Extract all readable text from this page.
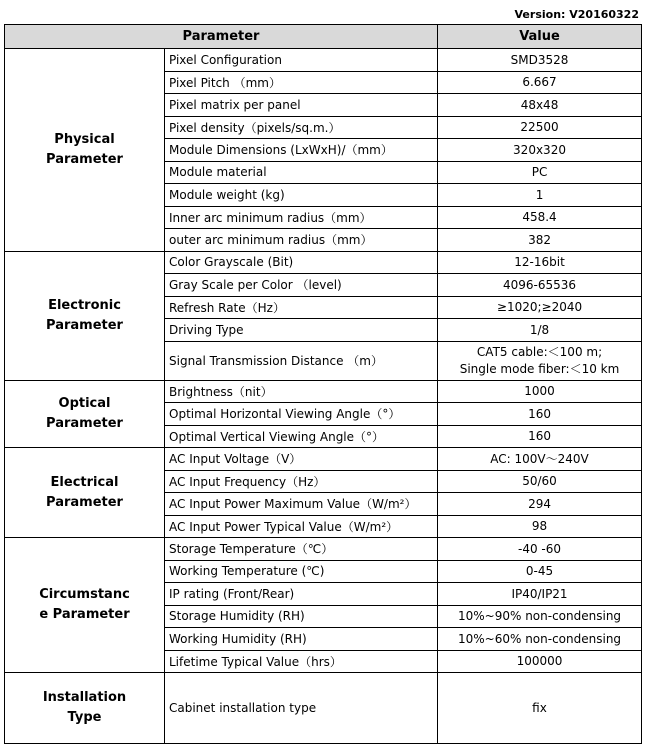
Version: V20160322
Parameter		Value

Physical
Parameter	Pixel Configuration	SMD3528
	Pixel Pitch （mm）	6.667
	Pixel matrix per panel	48x48
	Pixel density（pixels/sq.m.）	22500
	Module Dimensions (LxWxH)/（mm）	320x320
	Module material	PC
	Module weight (kg)	1
	Inner arc minimum radius（mm）	458.4
	outer arc minimum radius（mm）	382

Electronic
Parameter	Color Grayscale (Bit)	12-16bit
	Gray Scale per Color （level)	4096-65536
	Refresh Rate（Hz）	≥1020;≥2040
	Driving Type	1/8
	Signal Transmission Distance （m）	CAT5 cable:＜100 m;
Single mode fiber:＜10 km

Optical
Parameter	Brightness（nit）	1000
	Optimal Horizontal Viewing Angle（°）	160
	Optimal Vertical Viewing Angle（°）	160

Electrical
Parameter	AC Input Voltage（V）	AC: 100V～240V
	AC Input Frequency（Hz）	50/60
	AC Input Power Maximum Value（W/m²）	294
	AC Input Power Typical Value（W/m²）	98

Circumstanc
e Parameter	Storage Temperature（℃）	-40 -60
	Working Temperature (℃)	0-45
	IP rating (Front/Rear)	IP40/IP21
	Storage Humidity (RH)	10%~90% non-condensing
	Working Humidity (RH)	10%~60% non-condensing
	Lifetime Typical Value（hrs）	100000

Installation
Type	Cabinet installation type	fix
